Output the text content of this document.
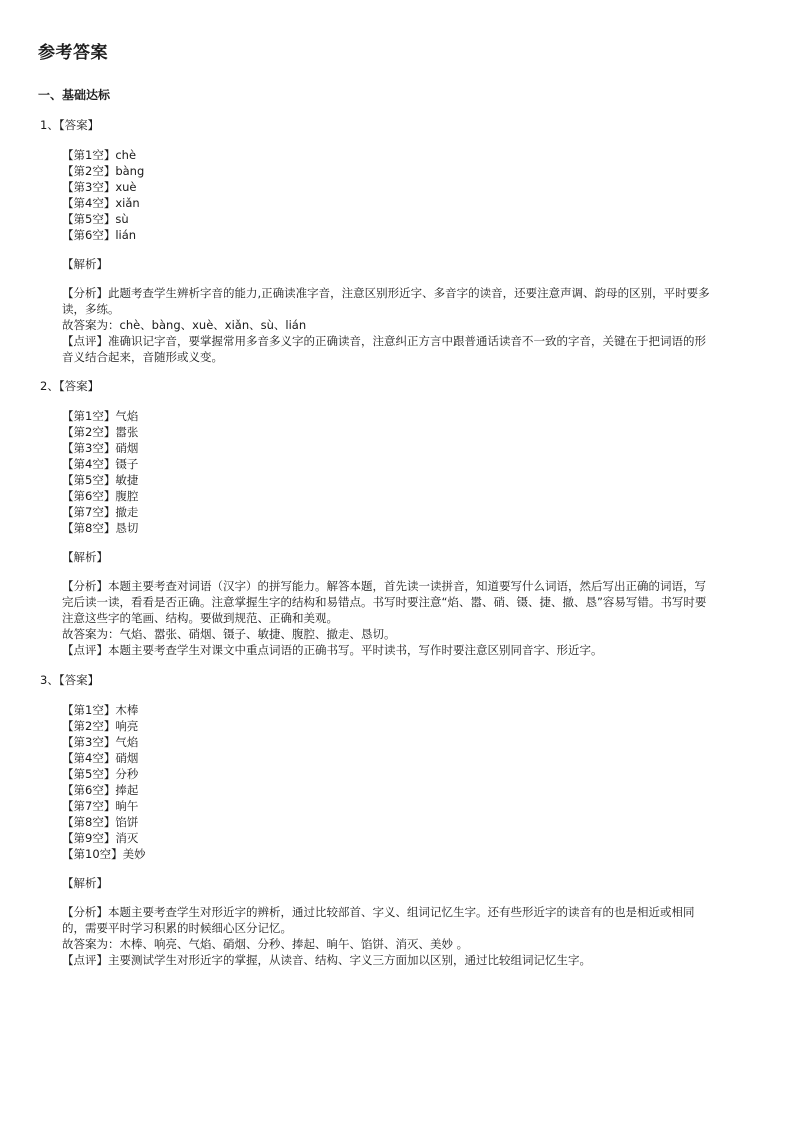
参考答案
一、基础达标
1、【答案】
【第1空】chè
【第2空】bàng
【第3空】xuè
【第4空】xiǎn
【第5空】sù
【第6空】lián
【解析】
【分析】此题考查学生辨析字音的能力,正确读准字音，注意区别形近字、多音字的读音，还要注意声调、韵母的区别，平时要多读，多练。
故答案为：chè、bàng、xuè、xiǎn、sù、lián
【点评】准确识记字音，要掌握常用多音多义字的正确读音，注意纠正方言中跟普通话读音不一致的字音，关键在于把词语的形音义结合起来，音随形或义变。
2、【答案】
【第1空】气焰
【第2空】嚣张
【第3空】硝烟
【第4空】镊子
【第5空】敏捷
【第6空】腹腔
【第7空】撤走
【第8空】恳切
【解析】
【分析】本题主要考查对词语（汉字）的拼写能力。解答本题，首先读一读拼音，知道要写什么词语，然后写出正确的词语，写完后读一读，看看是否正确。注意掌握生字的结构和易错点。书写时要注意“焰、嚣、硝、镊、捷、撤、恳”容易写错。书写时要注意这些字的笔画、结构。要做到规范、正确和美观。
故答案为：气焰、嚣张、硝烟、镊子、敏捷、腹腔、撤走、恳切。
【点评】本题主要考查学生对课文中重点词语的正确书写。平时读书，写作时要注意区别同音字、形近字。
3、【答案】
【第1空】木棒
【第2空】响亮
【第3空】气焰
【第4空】硝烟
【第5空】分秒
【第6空】捧起
【第7空】晌午
【第8空】馅饼
【第9空】消灭
【第10空】美妙
【解析】
【分析】本题主要考查学生对形近字的辨析，通过比较部首、字义、组词记忆生字。还有些形近字的读音有的也是相近或相同的，需要平时学习积累的时候细心区分记忆。
故答案为：木棒、响亮、气焰、硝烟、分秒、捧起、晌午、馅饼、消灭、美妙 。
【点评】主要测试学生对形近字的掌握，从读音、结构、字义三方面加以区别，通过比较组词记忆生字。
